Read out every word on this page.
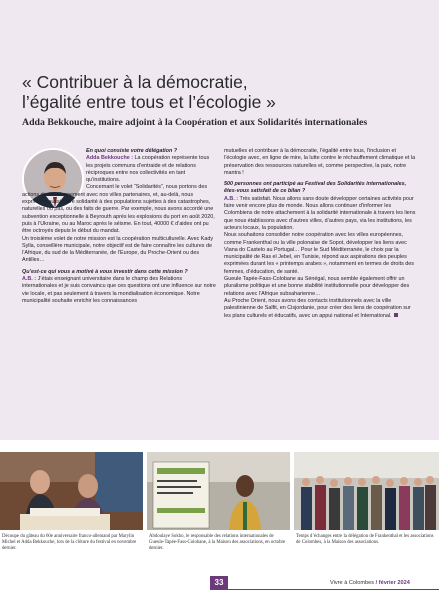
« Contribuer à la démocratie,
l’égalité entre tous et l’écologie »
Adda Bekkouche, maire adjoint à la Coopération et aux Solidarités internationales

En quoi consiste votre délégation ?

Adda Bekkouche : La coopération représente tous les projets communs d’entraide et de relations réciproques entre nos collectivités en tant qu’institutions.

Concernant le volet “Solidarités”, nous portons des actions de développement avec nos villes partenaires, et, au-delà, nous exprimons aussi notre solidarité à des populations sujettes à des catastrophes, naturelles ou pas, ou des faits de guerre. Par exemple, nous avons accordé une subvention exceptionnelle à Beyrouth après les explosions du port en août 2020, puis à l’Ukraine, ou au Maroc après le séisme. En tout, 40000 € d’aides ont pu être octroyés depuis le début du mandat.

Un troisième volet de notre mission est la coopération multiculturelle. Avec Kady Sylla, conseillère municipale, notre objectif est de faire connaître les cultures de l’Afrique, du sud de la Méditerranée, de l’Europe, du Proche-Orient ou des Antilles…

Qu’est-ce qui vous a motivé à vous investir dans cette mission ?

A.B. : J’étais enseignant universitaire dans le champ des Relations internationales et je suis convaincu que ces questions ont une influence sur notre vie locale, et pas seulement à travers la mondialisation économique. Notre municipalité souhaite enrichir les connaissances

mutuelles et contribuer à la démocratie, l’égalité entre tous, l’inclusion et l’écologie avec, en ligne de mire, la lutte contre le réchauffement climatique et la préservation des ressources naturelles et, comme perspective, la paix, notre mantra !

500 personnes ont participé au Festival des Solidarités internationales, êtes-vous satisfait de ce bilan ?

A.B. : Très satisfait. Nous allons sans doute développer certaines activités pour faire venir encore plus de monde. Nous allons continuer d’informer les Colombiens de notre attachement à la solidarité internationale à travers les liens que nous établissons avec d’autres villes, d’autres pays, via les institutions, les acteurs locaux, la population.

Nous souhaitons consolider notre coopération avec les villes européennes, comme Frankenthal ou la ville polonaise de Sopot, développer les liens avec Viana do Castelo au Portugal… Pour le Sud Méditerranée, le choix par la municipalité de Ras el Jebel, en Tunisie, répond aux aspirations des peuples exprimées durant les « printemps arabes », notamment en termes de droits des femmes, d’éducation, de santé.

Gueule Tapée-Fass-Colobane au Sénégal, nous semble également offrir un pluralisme politique et une bonne stabilité institutionnelle pour développer des relations avec l’Afrique subsaharienne…

Au Proche Orient, nous avons des contacts institutionnels avec la ville palestinienne de Salfit, en Cisjordanie, pour créer des liens de coopération sur les plans culturels et éducatifs, avec un appui national et International.

Découpe du gâteau du 60e anniversaire franco-allemand par Marylin Michel et Adda Bekkouche, lors de la clôture du festival en novembre dernier.
Abdoulaye Sokho, le responsable des relations internationales de Gueule-Tapée-Fass-Colobane, à la Maison des associations, en octobre dernier.
Temps d’échanges entre la délégation de Frankenthal et les associations de Colombes, à la Maison des associations.
33	Vivre à Colombes / février 2024
